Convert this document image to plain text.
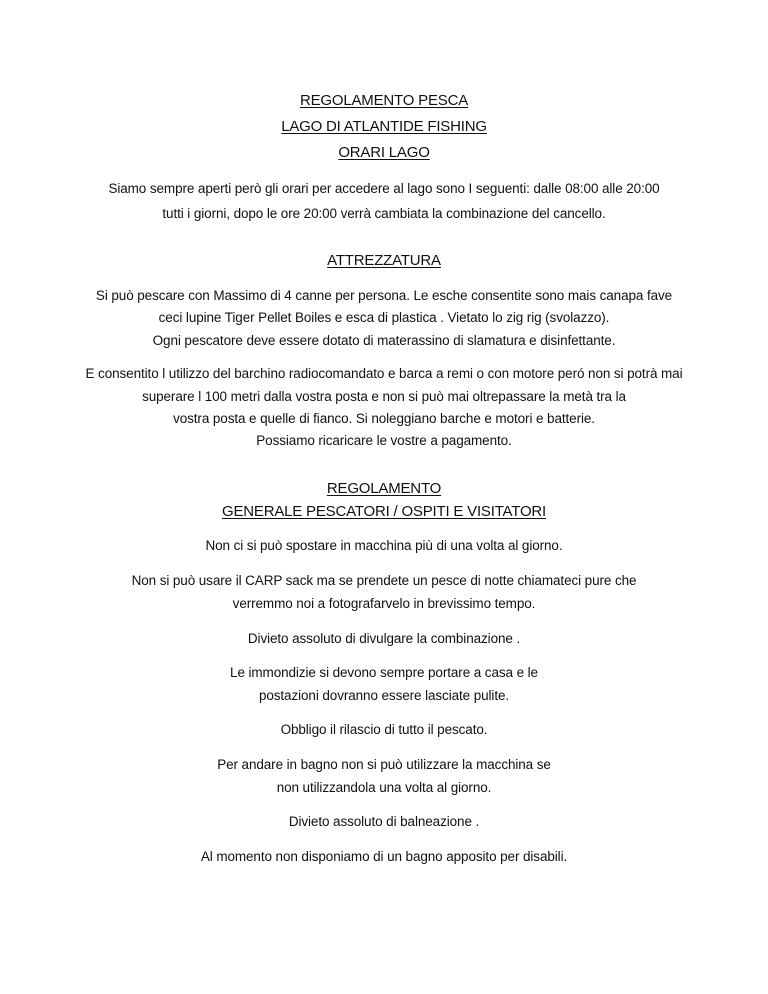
REGOLAMENTO PESCA
LAGO DI ATLANTIDE FISHING
ORARI LAGO
Siamo sempre aperti però gli orari per accedere al lago sono I seguenti: dalle 08:00 alle 20:00
tutti i giorni, dopo le ore 20:00 verrà cambiata la combinazione del cancello.
ATTREZZATURA
Si può pescare con Massimo di 4 canne per persona. Le esche consentite sono mais canapa fave
ceci lupine Tiger Pellet Boiles e esca di plastica . Vietato lo zig rig (svolazzo).
Ogni pescatore deve essere dotato di materassino di slamatura e disinfettante.
E consentito l utilizzo del barchino radiocomandato e barca a remi o con motore peró non si potrà mai
superare l 100 metri dalla vostra posta e non si può mai oltrepassare la metà tra la
vostra posta e quelle di fianco. Si noleggiano barche e motori e batterie.
Possiamo ricaricare le vostre a pagamento.
REGOLAMENTO
GENERALE PESCATORI / OSPITI E VISITATORI
Non ci si può spostare in macchina più di una volta al giorno.
Non si può usare il CARP sack ma se prendete un pesce di notte chiamateci pure che
verremmo noi a fotografarvelo in brevissimo tempo.
Divieto assoluto di divulgare la combinazione .
Le immondizie si devono sempre portare a casa e le
postazioni dovranno essere lasciate pulite.
Obbligo il rilascio di tutto il pescato.
Per andare in bagno non si può utilizzare la macchina se
non utilizzandola una volta al giorno.
Divieto assoluto di balneazione .
Al momento non disponiamo di un bagno apposito per disabili.
